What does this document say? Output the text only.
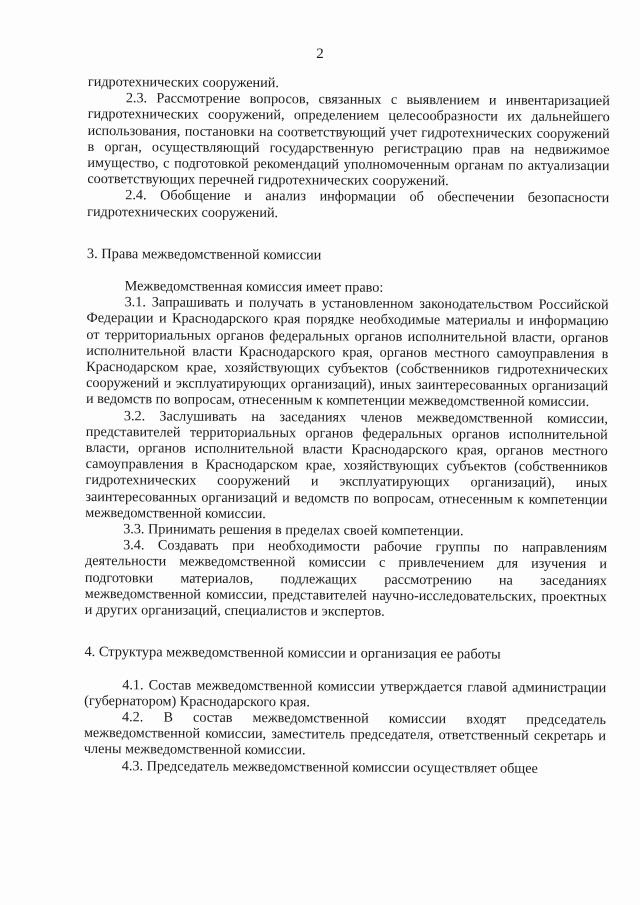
2

гидротехнических сооружений.

2.3. Рассмотрение вопросов, связанных с выявлением и инвентаризацией гидротехнических сооружений, определением целесообразности их дальнейшего использования, постановки на соответствующий учет гидротехнических сооружений в орган, осуществляющий государственную регистрацию прав на недвижимое имущество, с подготовкой рекомендаций уполномоченным органам по актуализации соответствующих перечней гидротехнических сооружений.

2.4. Обобщение и анализ информации об обеспечении безопасности гидротехнических сооружений.

3. Права межведомственной комиссии

Межведомственная комиссия имеет право:

3.1. Запрашивать и получать в установленном законодательством Российской Федерации и Краснодарского края порядке необходимые материалы и информацию от территориальных органов федеральных органов исполнительной власти, органов исполнительной власти Краснодарского края, органов местного самоуправления в Краснодарском крае, хозяйствующих субъектов (собственников гидротехнических сооружений и эксплуатирующих организаций), иных заинтересованных организаций и ведомств по вопросам, отнесенным к компетенции межведомственной комиссии.

3.2. Заслушивать на заседаниях членов межведомственной комиссии, представителей территориальных органов федеральных органов исполнительной власти, органов исполнительной власти Краснодарского края, органов местного самоуправления в Краснодарском крае, хозяйствующих субъектов (собственников гидротехнических сооружений и эксплуатирующих организаций), иных заинтересованных организаций и ведомств по вопросам, отнесенным к компетенции межведомственной комиссии.

3.3. Принимать решения в пределах своей компетенции.

3.4. Создавать при необходимости рабочие группы по направлениям деятельности межведомственной комиссии с привлечением для изучения и подготовки материалов, подлежащих рассмотрению на заседаниях межведомственной комиссии, представителей научно-исследовательских, проектных и других организаций, специалистов и экспертов.

4. Структура межведомственной комиссии и организация ее работы

4.1. Состав межведомственной комиссии утверждается главой администрации (губернатором) Краснодарского края.

4.2. В состав межведомственной комиссии входят председатель межведомственной комиссии, заместитель председателя, ответственный секретарь и члены межведомственной комиссии.

4.3. Председатель межведомственной комиссии осуществляет общее
